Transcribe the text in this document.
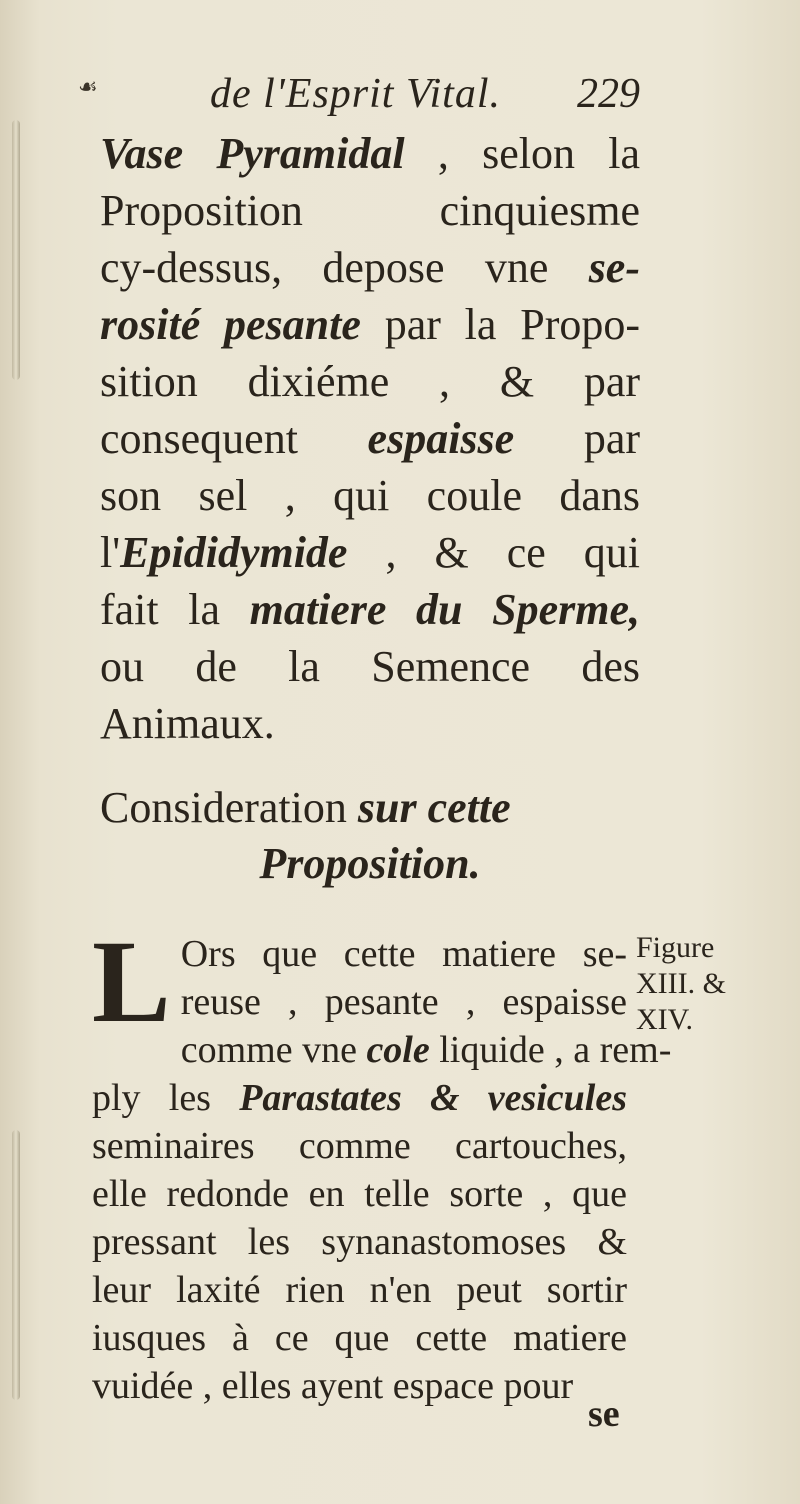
☙	de l'Esprit Vital. 229
Vase Pyramidal , selon la
Proposition cinquiesme
cy-dessus, depose vne se-
rosité pesante par la Propo-
sition dixiéme , & par
consequent espaisse par
son sel , qui coule dans
l'Epididymide , & ce qui
fait la matiere du Sperme,
ou de la Semence des
Animaux.
Consideration sur cette
Proposition.
L Ors que cette matiere se-
reuse , pesante , espaisse
comme vne cole liquide , a rem-
ply les Parastates & vesicules
seminaires comme cartouches,
elle redonde en telle sorte , que
pressant les synanastomoses &
leur laxité rien n'en peut sortir
iusques à ce que cette matiere
vuidée , elles ayent espace pour
Figure
XIII. &
XIV.
se
